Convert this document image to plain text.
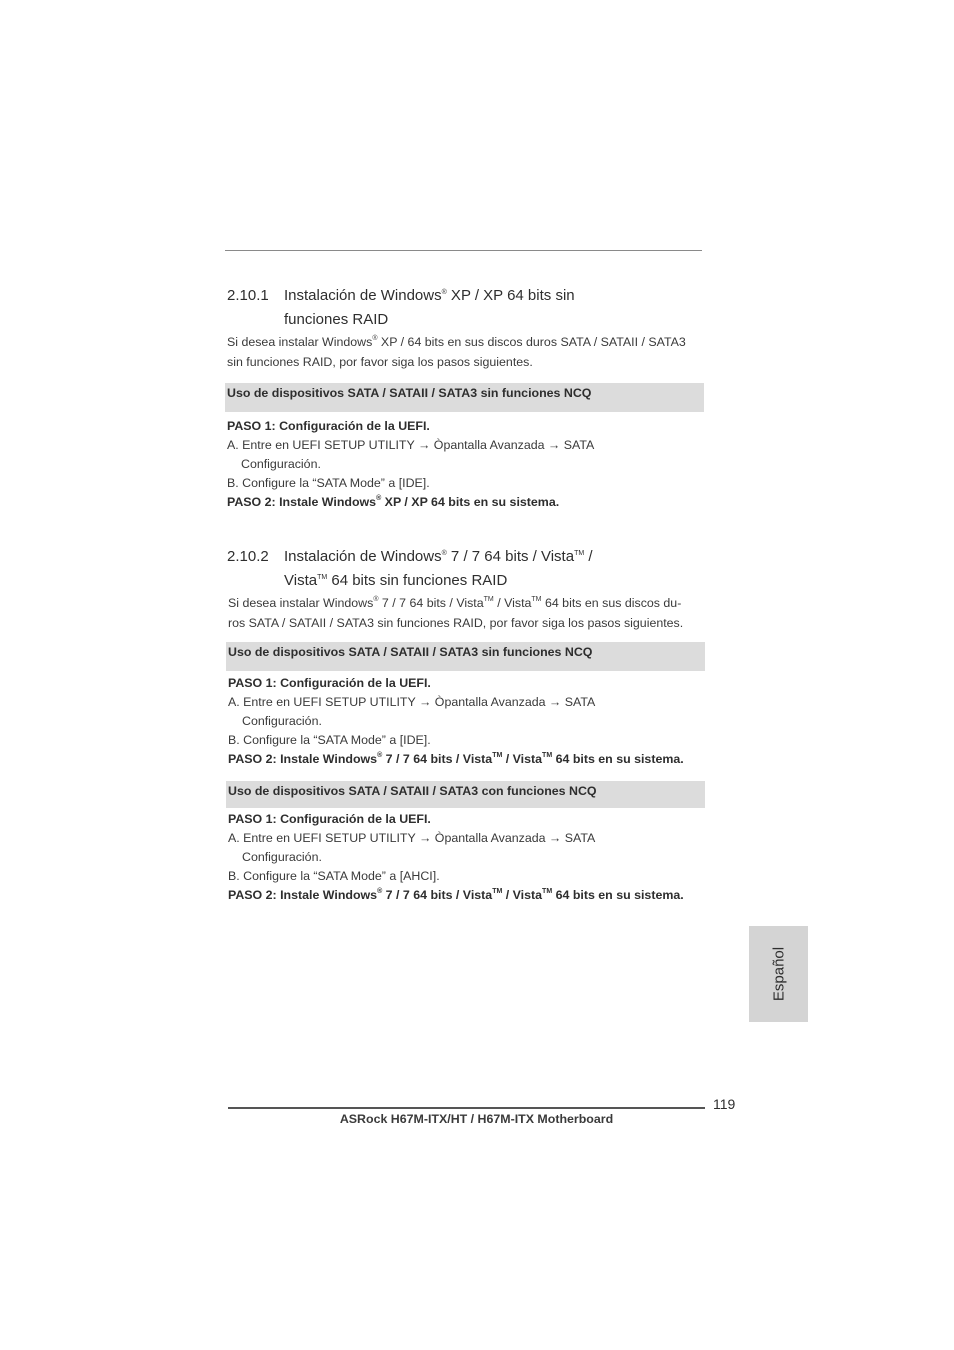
2.10.1 Instalación de Windows® XP / XP 64 bits sin
funciones RAID
Si desea instalar Windows® XP / 64 bits en sus discos duros SATA / SATAII / SATA3
sin funciones RAID, por favor siga los pasos siguientes.
Uso de dispositivos SATA / SATAII / SATA3 sin funciones NCQ
PASO 1: Configuración de la UEFI.
A. Entre en UEFI SETUP UTILITY → Òpantalla Avanzada → SATA
Configuración.
B. Configure la “SATA Mode” a [IDE].
PASO 2: Instale Windows® XP / XP 64 bits en su sistema.
2.10.2 Instalación de Windows® 7 / 7 64 bits / Vista™ /
Vista™ 64 bits sin funciones RAID
Si desea instalar Windows® 7 / 7 64 bits / Vista™ / Vista™ 64 bits en sus discos du-
ros SATA / SATAII / SATA3 sin funciones RAID, por favor siga los pasos siguientes.
Uso de dispositivos SATA / SATAII / SATA3 sin funciones NCQ
PASO 1: Configuración de la UEFI.
A. Entre en UEFI SETUP UTILITY → Òpantalla Avanzada → SATA
Configuración.
B. Configure la “SATA Mode” a [IDE].
PASO 2: Instale Windows® 7 / 7 64 bits / Vista™ / Vista™ 64 bits en su sistema.
Uso de dispositivos SATA / SATAII / SATA3 con funciones NCQ
PASO 1: Configuración de la UEFI.
A. Entre en UEFI SETUP UTILITY → Òpantalla Avanzada → SATA
Configuración.
B. Configure la “SATA Mode” a [AHCI].
PASO 2: Instale Windows® 7 / 7 64 bits / Vista™ / Vista™ 64 bits en su sistema.
Español
119
ASRock H67M-ITX/HT / H67M-ITX Motherboard
